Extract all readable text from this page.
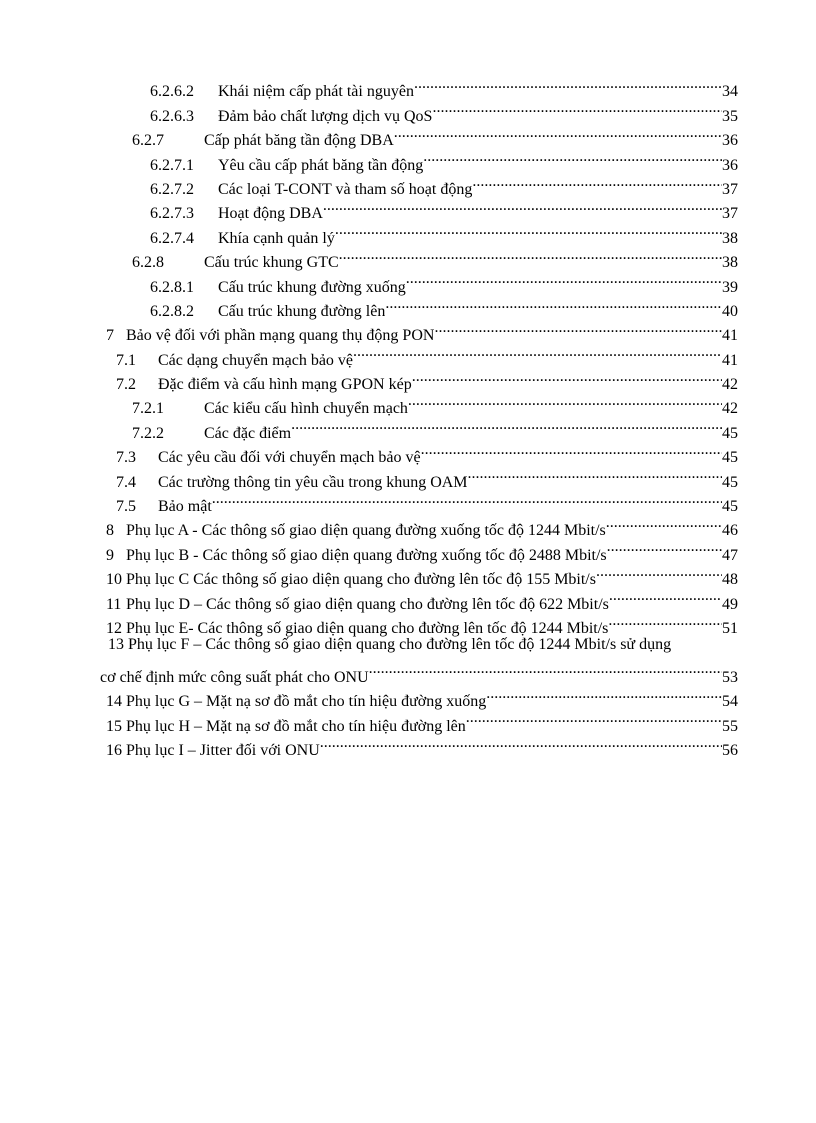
6.2.6.2	Khái niệm cấp phát tài nguyên .....	34
6.2.6.3	Đảm bảo chất lượng dịch vụ QoS .....	35
6.2.7	Cấp phát băng tần động DBA .....	36
6.2.7.1	Yêu cầu cấp phát băng tần động .....	36
6.2.7.2	Các loại T-CONT và tham số hoạt động .....	37
6.2.7.3	Hoạt động DBA .....	37
6.2.7.4	Khía cạnh quản lý .....	38
6.2.8	Cấu trúc khung GTC .....	38
6.2.8.1	Cấu trúc khung đường xuống .....	39
6.2.8.2	Cấu trúc khung đường lên .....	40
7 Bảo vệ đối với phần mạng quang thụ động PON .....	41
7.1	Các dạng chuyển mạch bảo vệ .....	41
7.2	Đặc điểm và cấu hình mạng GPON kép .....	42
7.2.1	Các kiểu cấu hình chuyển mạch .....	42
7.2.2	Các đặc điểm .....	45
7.3	Các yêu cầu đối với chuyển mạch bảo vệ .....	45
7.4	Các trường thông tin yêu cầu trong khung OAM .....	45
7.5	Bảo mật .....	45
8 Phụ lục A - Các thông số giao diện quang đường xuống tốc độ 1244 Mbit/s .....	46
9 Phụ lục B - Các thông số giao diện quang đường xuống tốc độ 2488 Mbit/s .....	47
10 Phụ lục C Các thông số giao diện quang cho đường lên tốc độ 155 Mbit/s .....	48
11 Phụ lục D – Các thông số giao diện quang cho đường lên tốc độ 622 Mbit/s .....	49
12 Phụ lục E- Các thông số giao diện quang cho đường lên tốc độ 1244 Mbit/s .....	51
13 Phụ lục F – Các thông số giao diện quang cho đường lên tốc độ 1244 Mbit/s sử dụng
cơ chế định mức công suất phát cho ONU .....	53
14 Phụ lục G – Mặt nạ sơ đồ mắt cho tín hiệu đường xuống .....	54
15 Phụ lục H – Mặt nạ sơ đồ mắt cho tín hiệu đường lên .....	55
16 Phụ lục I – Jitter đối với ONU .....	56
